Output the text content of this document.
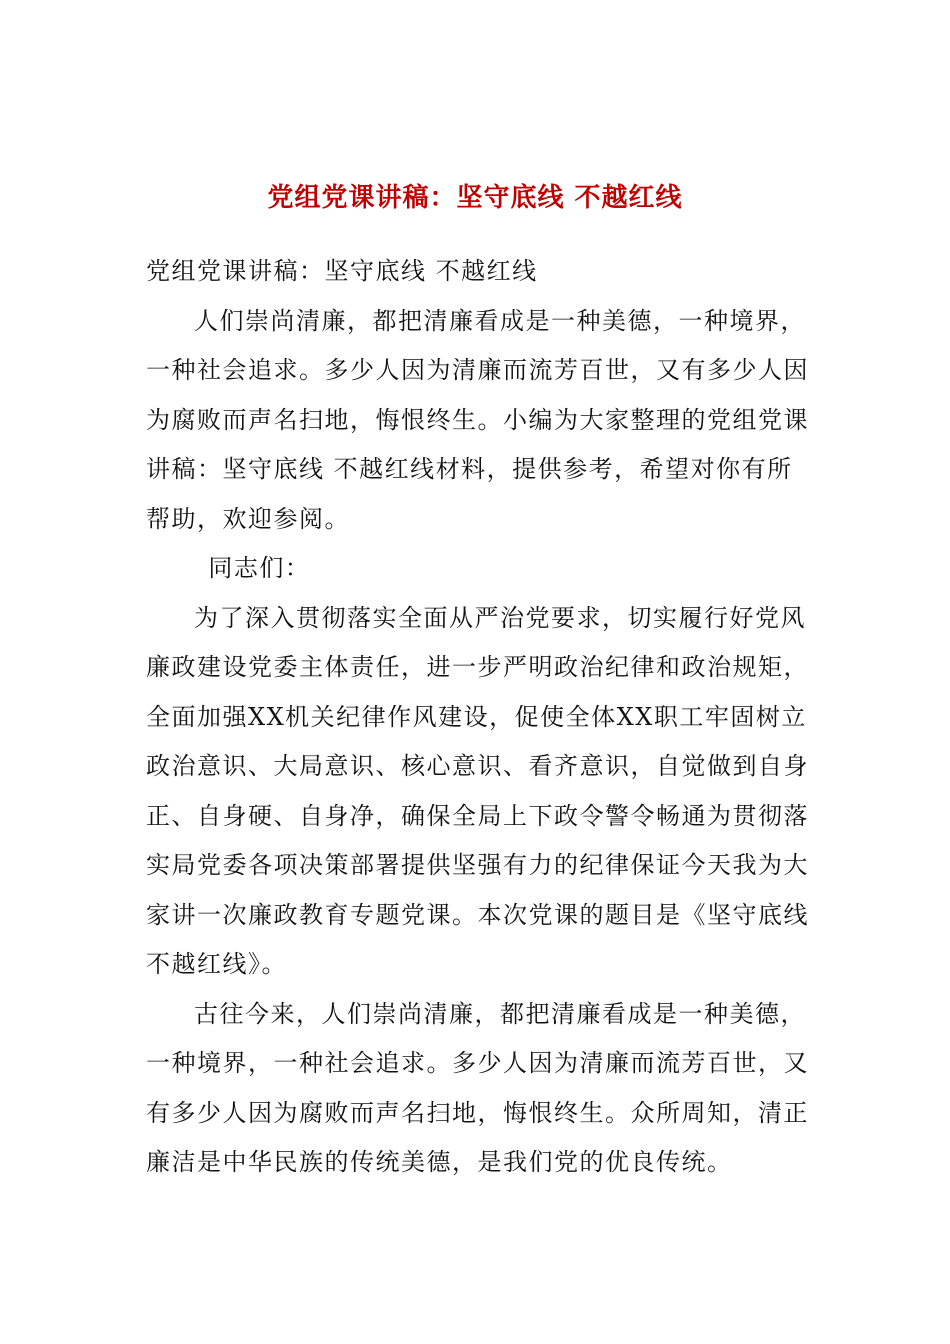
党组党课讲稿：坚守底线 不越红线

党组党课讲稿：坚守底线 不越红线

人们崇尚清廉，都把清廉看成是一种美德，一种境界，一种社会追求。多少人因为清廉而流芳百世，又有多少人因为腐败而声名扫地，悔恨终生。小编为大家整理的党组党课讲稿：坚守底线 不越红线材料，提供参考，希望对你有所帮助，欢迎参阅。

同志们：

为了深入贯彻落实全面从严治党要求，切实履行好党风廉政建设党委主体责任，进一步严明政治纪律和政治规矩，全面加强XX机关纪律作风建设，促使全体XX职工牢固树立政治意识、大局意识、核心意识、看齐意识，自觉做到自身正、自身硬、自身净，确保全局上下政令警令畅通为贯彻落实局党委各项决策部署提供坚强有力的纪律保证今天我为大家讲一次廉政教育专题党课。本次党课的题目是《坚守底线 不越红线》。

古往今来，人们崇尚清廉，都把清廉看成是一种美德，一种境界，一种社会追求。多少人因为清廉而流芳百世，又有多少人因为腐败而声名扫地，悔恨终生。众所周知，清正廉洁是中华民族的传统美德，是我们党的优良传统。
